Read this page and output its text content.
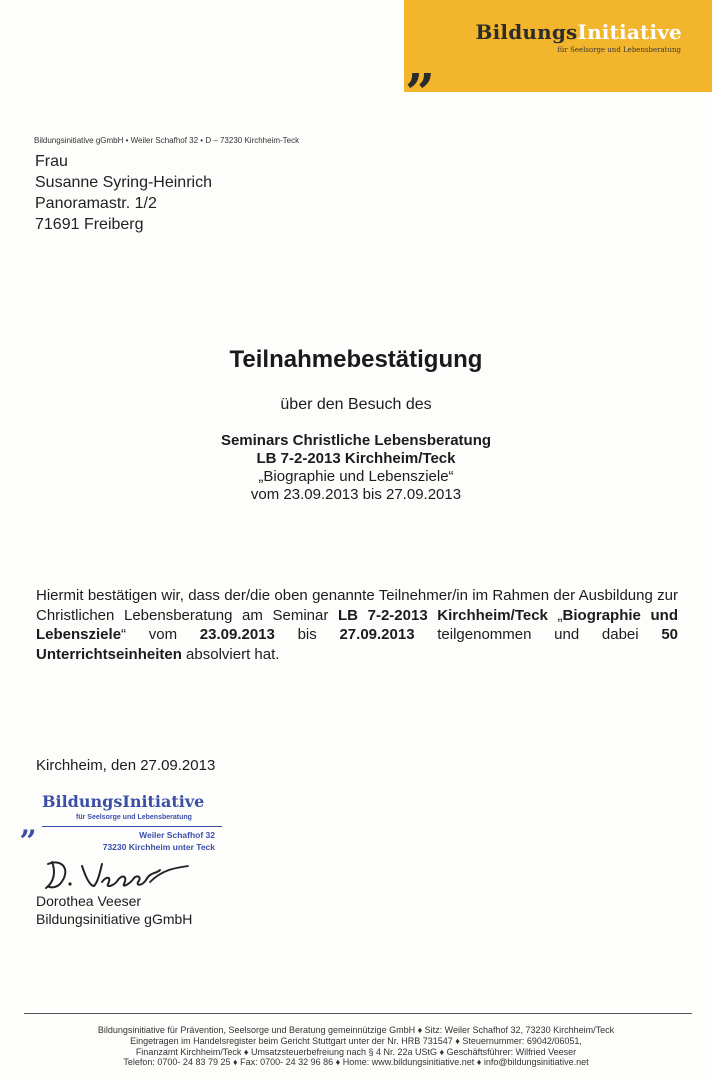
BildungsInitiative
für Seelsorge und Lebensberatung
„
Bildungsinitiative gGmbH • Weiler Schafhof 32 • D – 73230 Kirchheim-Teck
Frau
Susanne Syring-Heinrich
Panoramastr. 1/2
71691 Freiberg
Teilnahmebestätigung
über den Besuch des
Seminars Christliche Lebensberatung
LB 7-2-2013 Kirchheim/Teck
„Biographie und Lebensziele“
vom 23.09.2013 bis 27.09.2013
Hiermit bestätigen wir, dass der/die oben genannte Teilnehmer/in im Rahmen der Ausbildung zur Christlichen Lebensberatung am Seminar LB 7-2-2013 Kirchheim/Teck „Biographie und Lebensziele“ vom 23.09.2013 bis 27.09.2013 teilgenommen und dabei 50 Unterrichtseinheiten absolviert hat.
Kirchheim, den 27.09.2013
BildungsInitiative
für Seelsorge und Lebensberatung
„	Weiler Schafhof 32
73230 Kirchheim unter Teck
Dorothea Veeser
Bildungsinitiative gGmbH
Bildungsinitiative für Prävention, Seelsorge und Beratung gemeinnützige GmbH ♦ Sitz: Weiler Schafhof 32, 73230 Kirchheim/Teck
Eingetragen im Handelsregister beim Gericht Stuttgart unter der Nr. HRB 731547 ♦ Steuernummer: 69042/06051,
Finanzamt Kirchheim/Teck ♦ Umsatzsteuerbefreiung nach § 4 Nr. 22a UStG ♦ Geschäftsführer: Wilfried Veeser
Telefon: 0700- 24 83 79 25 ♦ Fax: 0700- 24 32 96 86 ♦ Home: www.bildungsinitiative.net ♦ info@bildungsinitiative.net
